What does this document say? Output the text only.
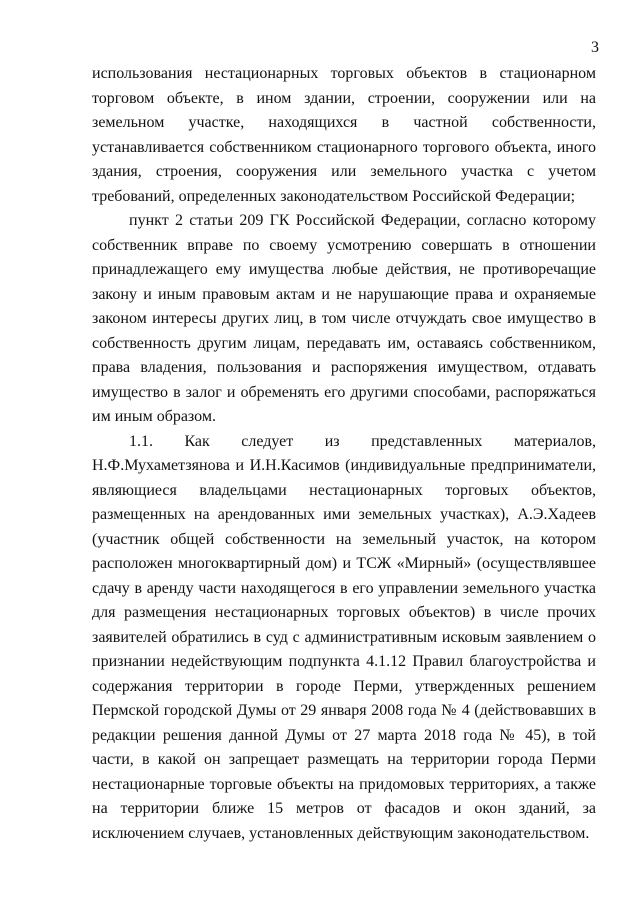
3

использования нестационарных торговых объектов в стационарном торговом объекте, в ином здании, строении, сооружении или на земельном участке, находящихся в частной собственности, устанавливается собственником стационарного торгового объекта, иного здания, строения, сооружения или земельного участка с учетом требований, определенных законодательством Российской Федерации;

пункт 2 статьи 209 ГК Российской Федерации, согласно которому собственник вправе по своему усмотрению совершать в отношении принадлежащего ему имущества любые действия, не противоречащие закону и иным правовым актам и не нарушающие права и охраняемые законом интересы других лиц, в том числе отчуждать свое имущество в собственность другим лицам, передавать им, оставаясь собственником, права владения, пользования и распоряжения имуществом, отдавать имущество в залог и обременять его другими способами, распоряжаться им иным образом.

1.1. Как следует из представленных материалов, Н.Ф.Мухаметзянова и И.Н.Касимов (индивидуальные предприниматели, являющиеся владельцами нестационарных торговых объектов, размещенных на арендованных ими земельных участках), А.Э.Хадеев (участник общей собственности на земельный участок, на котором расположен многоквартирный дом) и ТСЖ «Мирный» (осуществлявшее сдачу в аренду части находящегося в его управлении земельного участка для размещения нестационарных торговых объектов) в числе прочих заявителей обратились в суд с административным исковым заявлением о признании недействующим подпункта 4.1.12 Правил благоустройства и содержания территории в городе Перми, утвержденных решением Пермской городской Думы от 29 января 2008 года № 4 (действовавших в редакции решения данной Думы от 27 марта 2018 года № 45), в той части, в какой он запрещает размещать на территории города Перми нестационарные торговые объекты на придомовых территориях, а также на территории ближе 15 метров от фасадов и окон зданий, за исключением случаев, установленных действующим законодательством.
